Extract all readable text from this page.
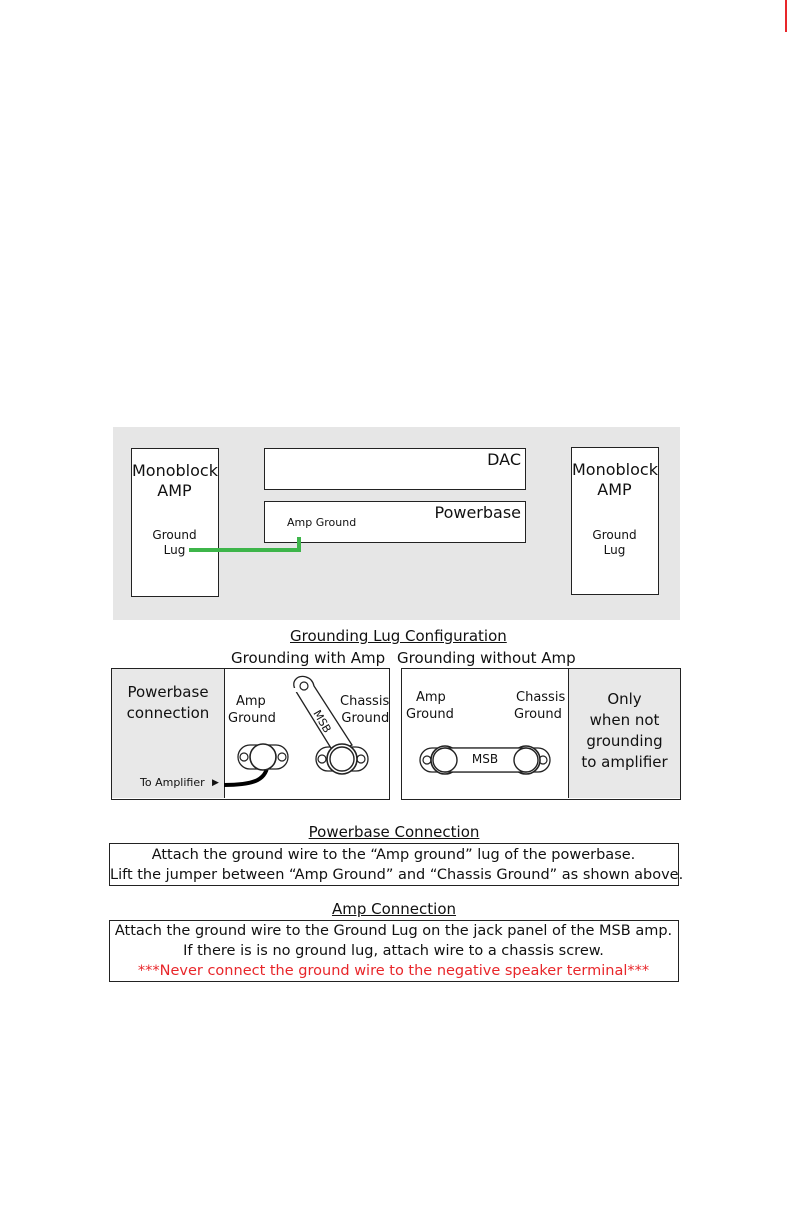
Monoblock
AMP
Ground
Lug
DAC
Powerbase
Amp Ground
Monoblock
AMP
Ground
Lug
Grounding Lug Configuration
Grounding with Amp Grounding without Amp
Powerbase
connection
To Amplifier ▶
Amp
Ground
Chassis
Ground
MSB
Amp
Ground
Chassis
Ground
Only
when not
grounding
to amplifier
MSB
Powerbase Connection
Attach the ground wire to the “Amp ground” lug of the powerbase.
Lift the jumper between “Amp Ground” and “Chassis Ground” as shown above.
Amp Connection
Attach the ground wire to the Ground Lug on the jack panel of the MSB amp.
If there is is no ground lug, attach wire to a chassis screw.
***Never connect the ground wire to the negative speaker terminal***
